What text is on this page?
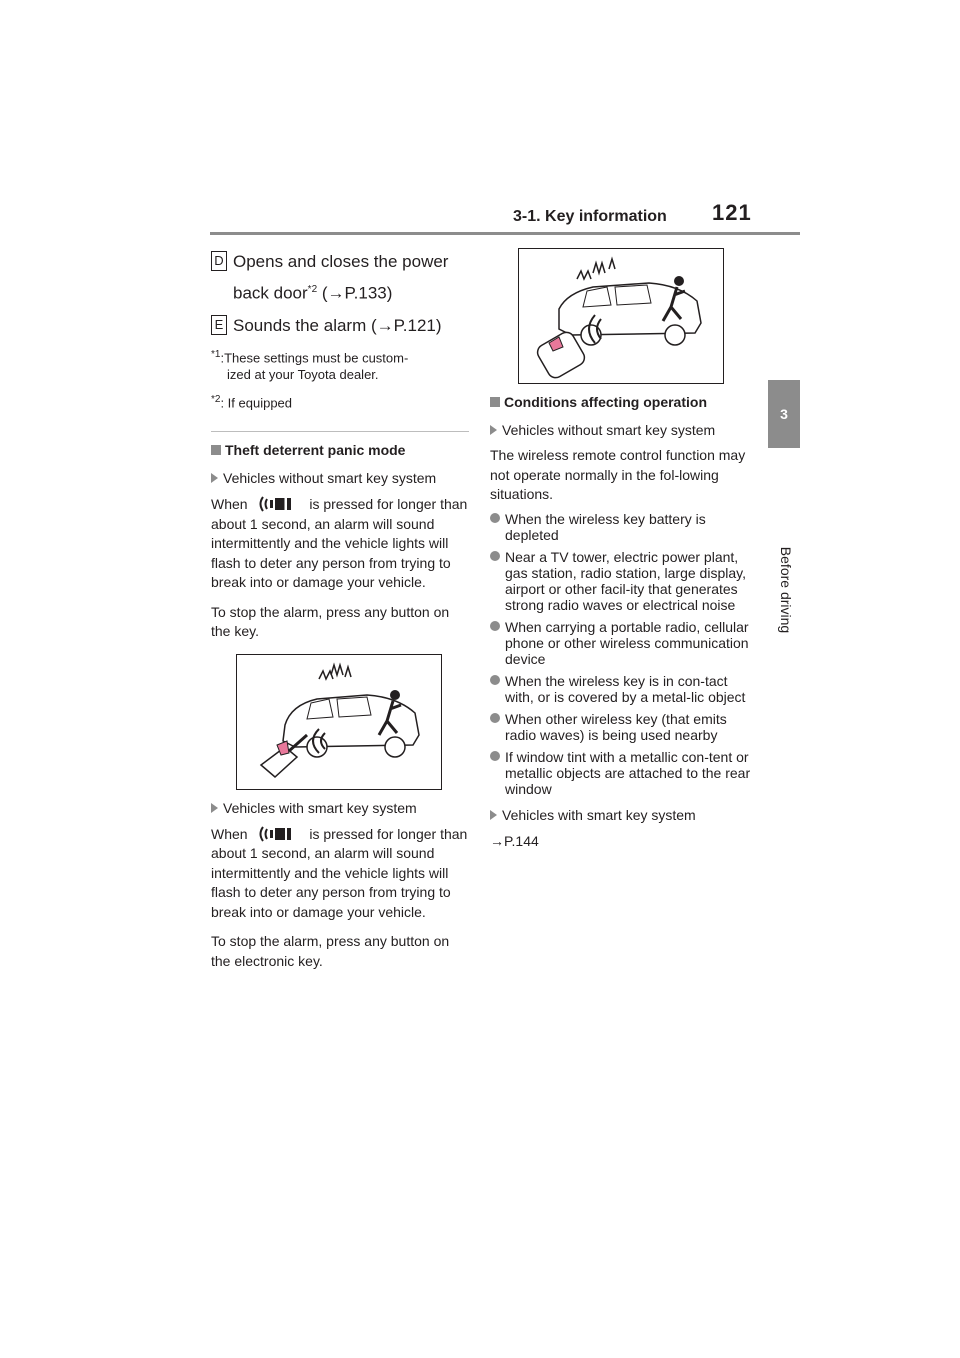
3-1. Key information 121
3
Before driving
D Opens and closes the power
back door$^{*2}$ (→P.133)
E Sounds the alarm (→P.121)
$^{*1}$:These settings must be custom-
ized at your Toyota dealer.
$^{*2}$: If equipped
Theft deterrent panic mode
Vehicles without smart key system
When	is pressed for longer than about 1 second, an alarm will sound intermittently and the vehicle lights will flash to deter any person from trying to break into or damage your vehicle.
To stop the alarm, press any button on the key.
Vehicles with smart key system
When	is pressed for longer than about 1 second, an alarm will sound intermittently and the vehicle lights will flash to deter any person from trying to break into or damage your vehicle.
To stop the alarm, press any button on the electronic key.
Conditions affecting operation
Vehicles without smart key system
The wireless remote control function may not operate normally in the fol-lowing situations.
When the wireless key battery is depleted
Near a TV tower, electric power plant, gas station, radio station, large display, airport or other facil-ity that generates strong radio waves or electrical noise
When carrying a portable radio, cellular phone or other wireless communication device
When the wireless key is in con-tact with, or is covered by a metal-lic object
When other wireless key (that emits radio waves) is being used nearby
If window tint with a metallic con-tent or metallic objects are attached to the rear window
Vehicles with smart key system
→P.144
